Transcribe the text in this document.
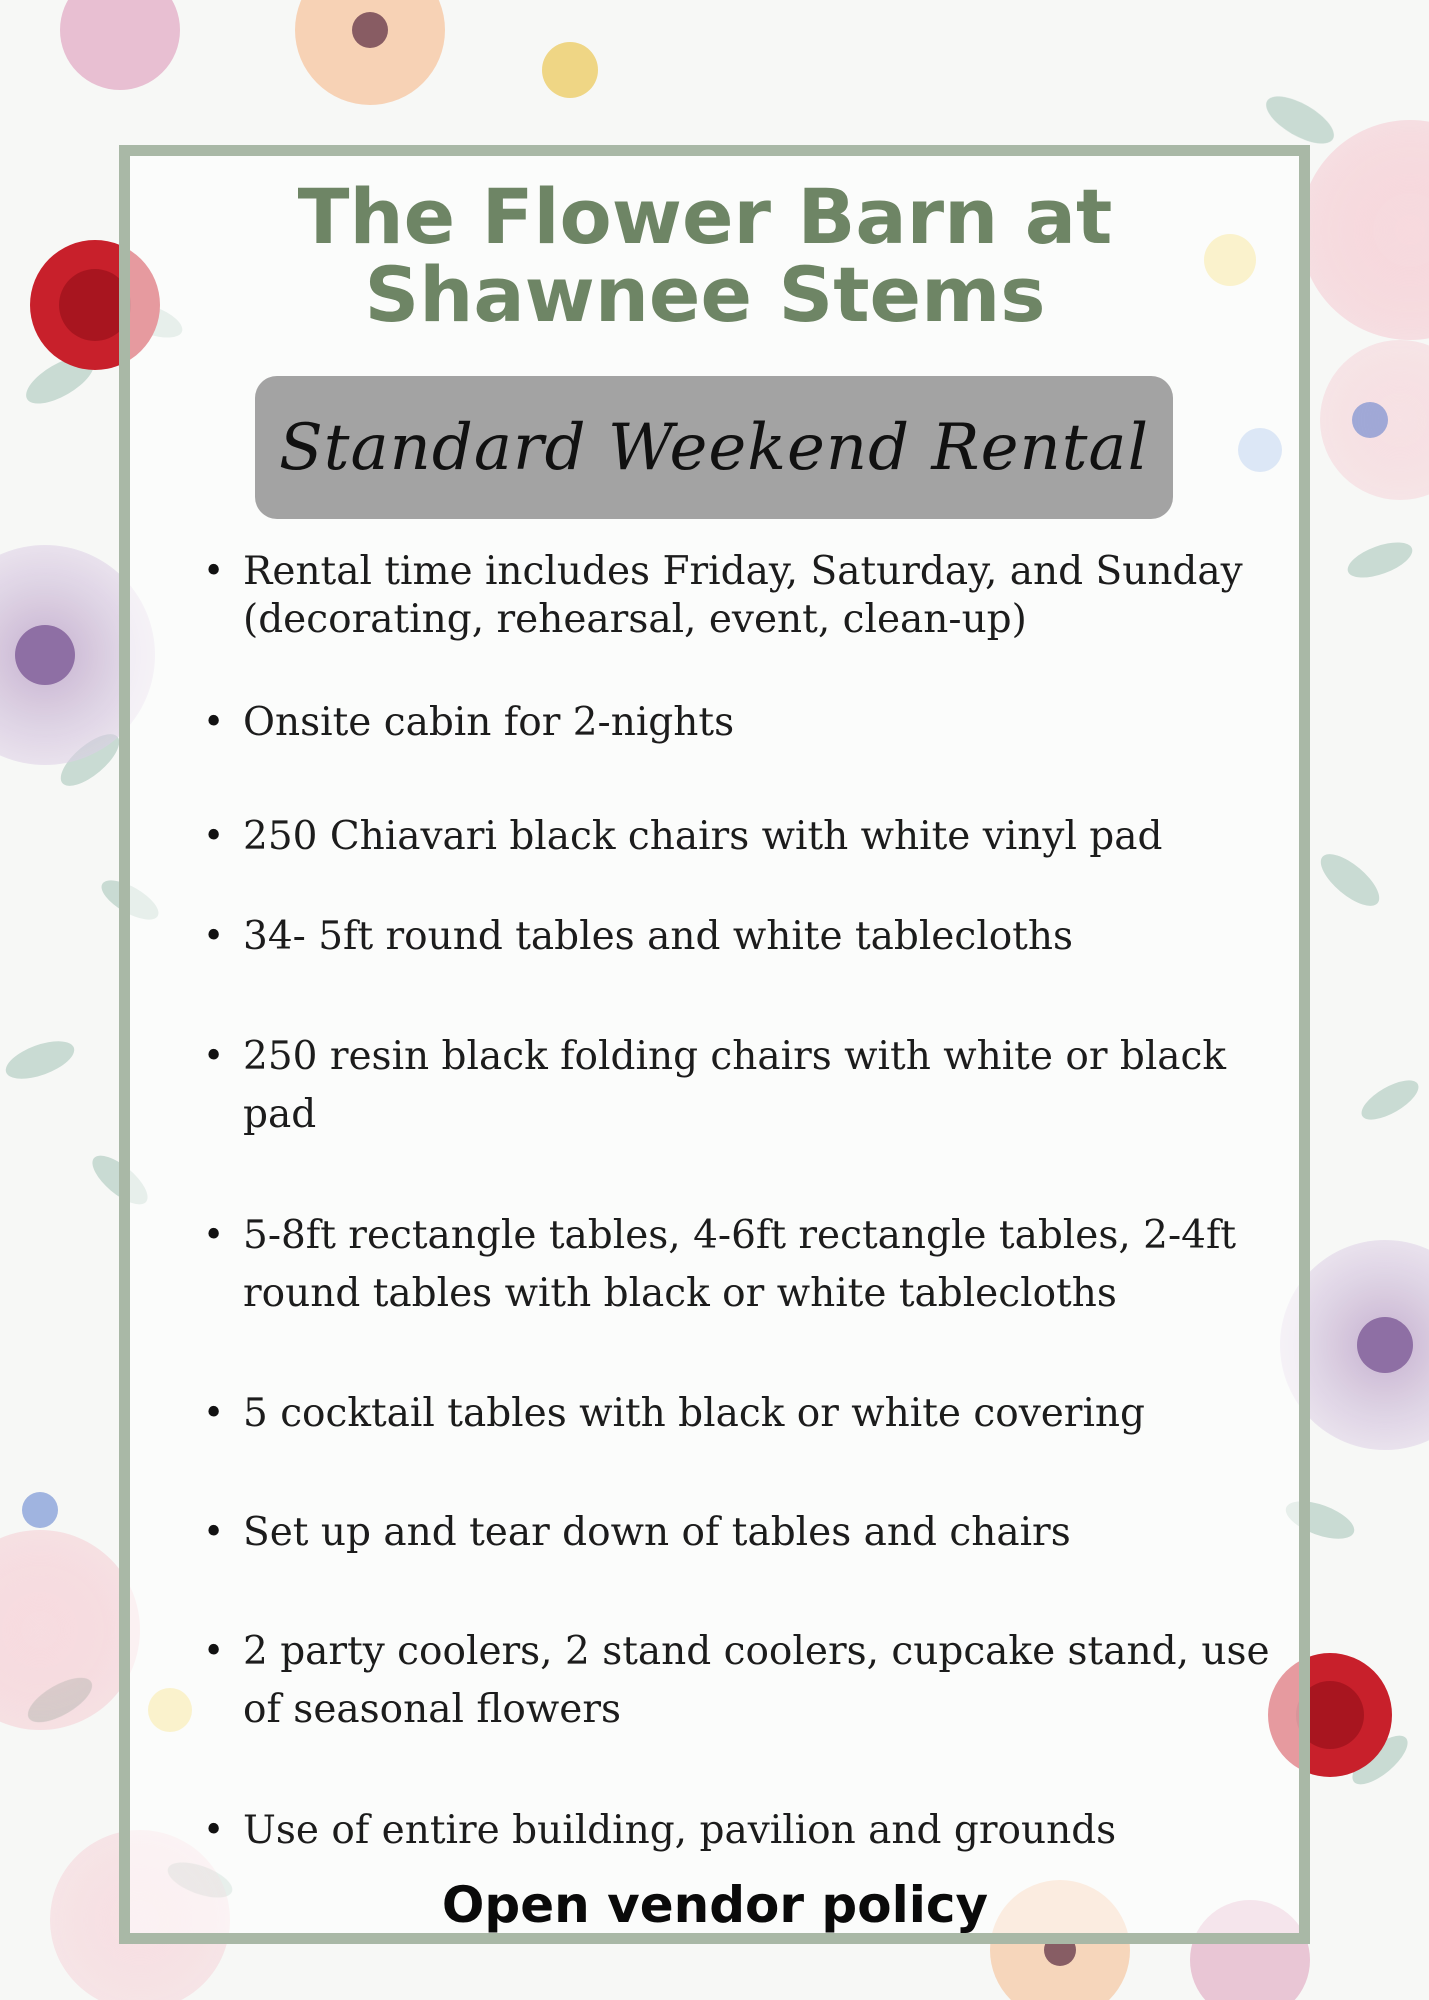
The Flower Barn at
Shawnee Stems
Standard Weekend Rental
• Rental time includes Friday, Saturday, and Sunday (decorating, rehearsal, event, clean-up)
• Onsite cabin for 2-nights
• 250 Chiavari black chairs with white vinyl pad
• 34- 5ft round tables and white tablecloths
• 250 resin black folding chairs with white or black pad
• 5-8ft rectangle tables, 4-6ft rectangle tables, 2-4ft round tables with black or white tablecloths
• 5 cocktail tables with black or white covering
• Set up and tear down of tables and chairs
• 2 party coolers, 2 stand coolers, cupcake stand, use of seasonal flowers
• Use of entire building, pavilion and grounds
Open vendor policy
